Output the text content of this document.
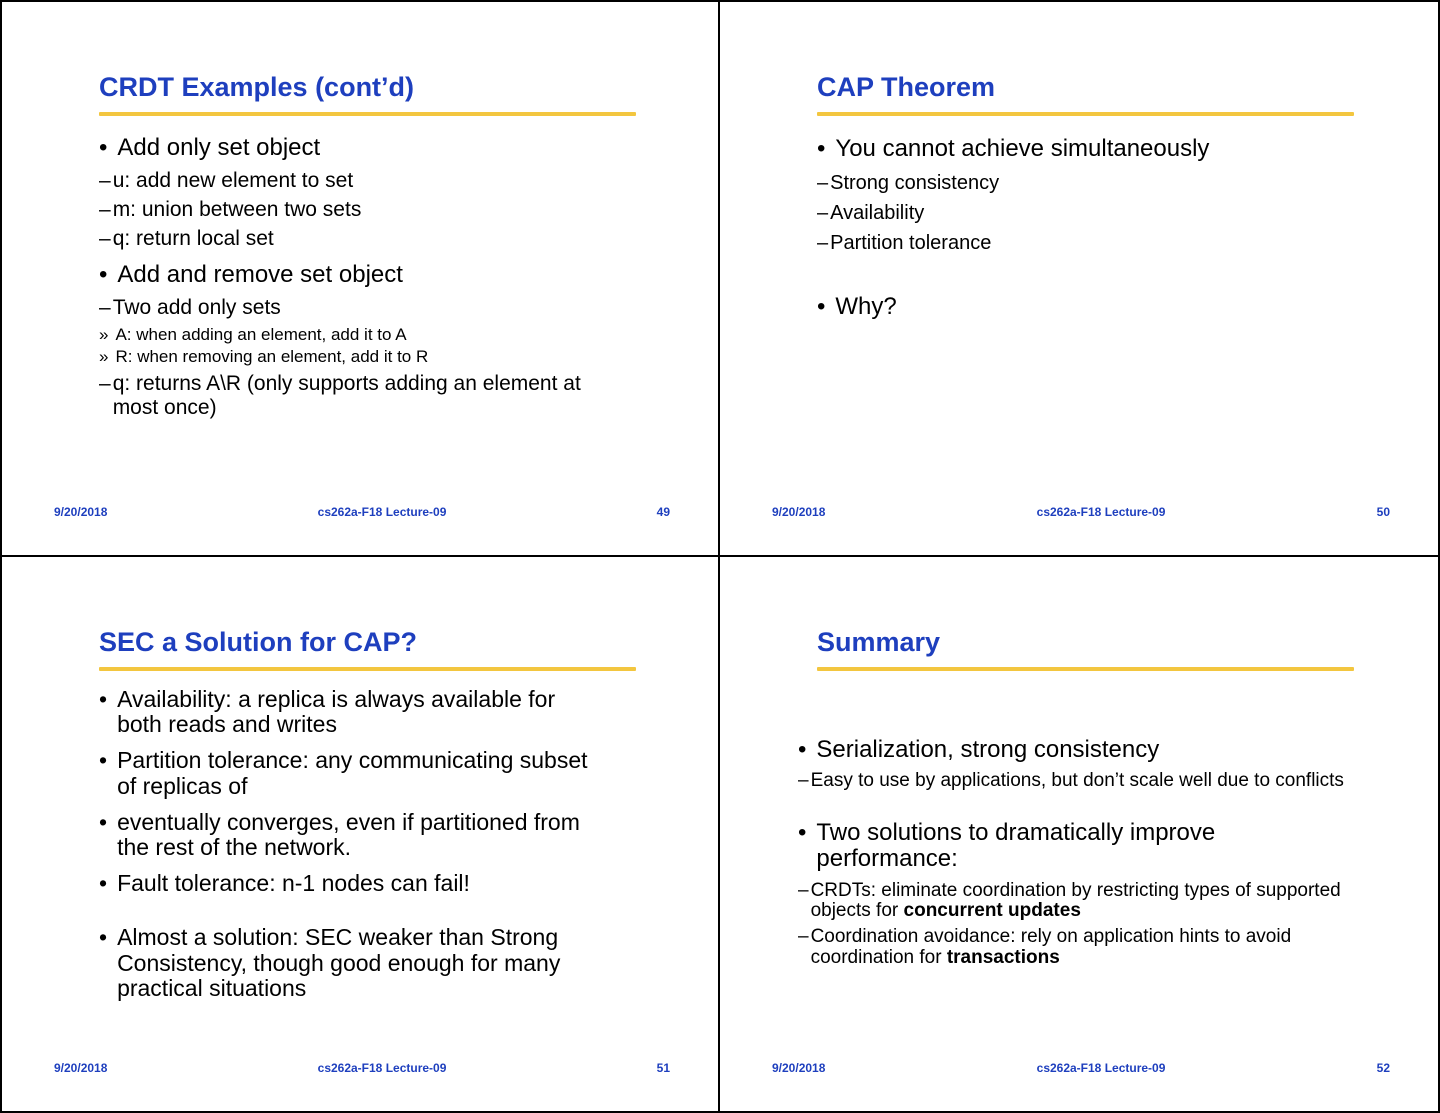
CRDT Examples (cont’d)
• Add only set object
– u: add new element to set
– m: union between two sets
– q: return local set
• Add and remove set object
– Two add only sets
» A: when adding an element, add it to A
» R: when removing an element, add it to R
– q: returns A\R (only supports adding an element at most once)
9/20/2018	cs262a-F18 Lecture-09	49
CAP Theorem
• You cannot achieve simultaneously
– Strong consistency
– Availability
– Partition tolerance
• Why?
9/20/2018	cs262a-F18 Lecture-09	50
SEC a Solution for CAP?
• Availability: a replica is always available for both reads and writes
• Partition tolerance: any communicating subset of replicas of
• eventually converges, even if partitioned from the rest of the network.
• Fault tolerance: n-1 nodes can fail!
• Almost a solution: SEC weaker than Strong Consistency, though good enough for many practical situations
9/20/2018	cs262a-F18 Lecture-09	51
Summary
• Serialization, strong consistency
– Easy to use by applications, but don’t scale well due to conflicts
• Two solutions to dramatically improve performance:
– CRDTs: eliminate coordination by restricting types of supported objects for concurrent updates
– Coordination avoidance: rely on application hints to avoid coordination for transactions
9/20/2018	cs262a-F18 Lecture-09	52
